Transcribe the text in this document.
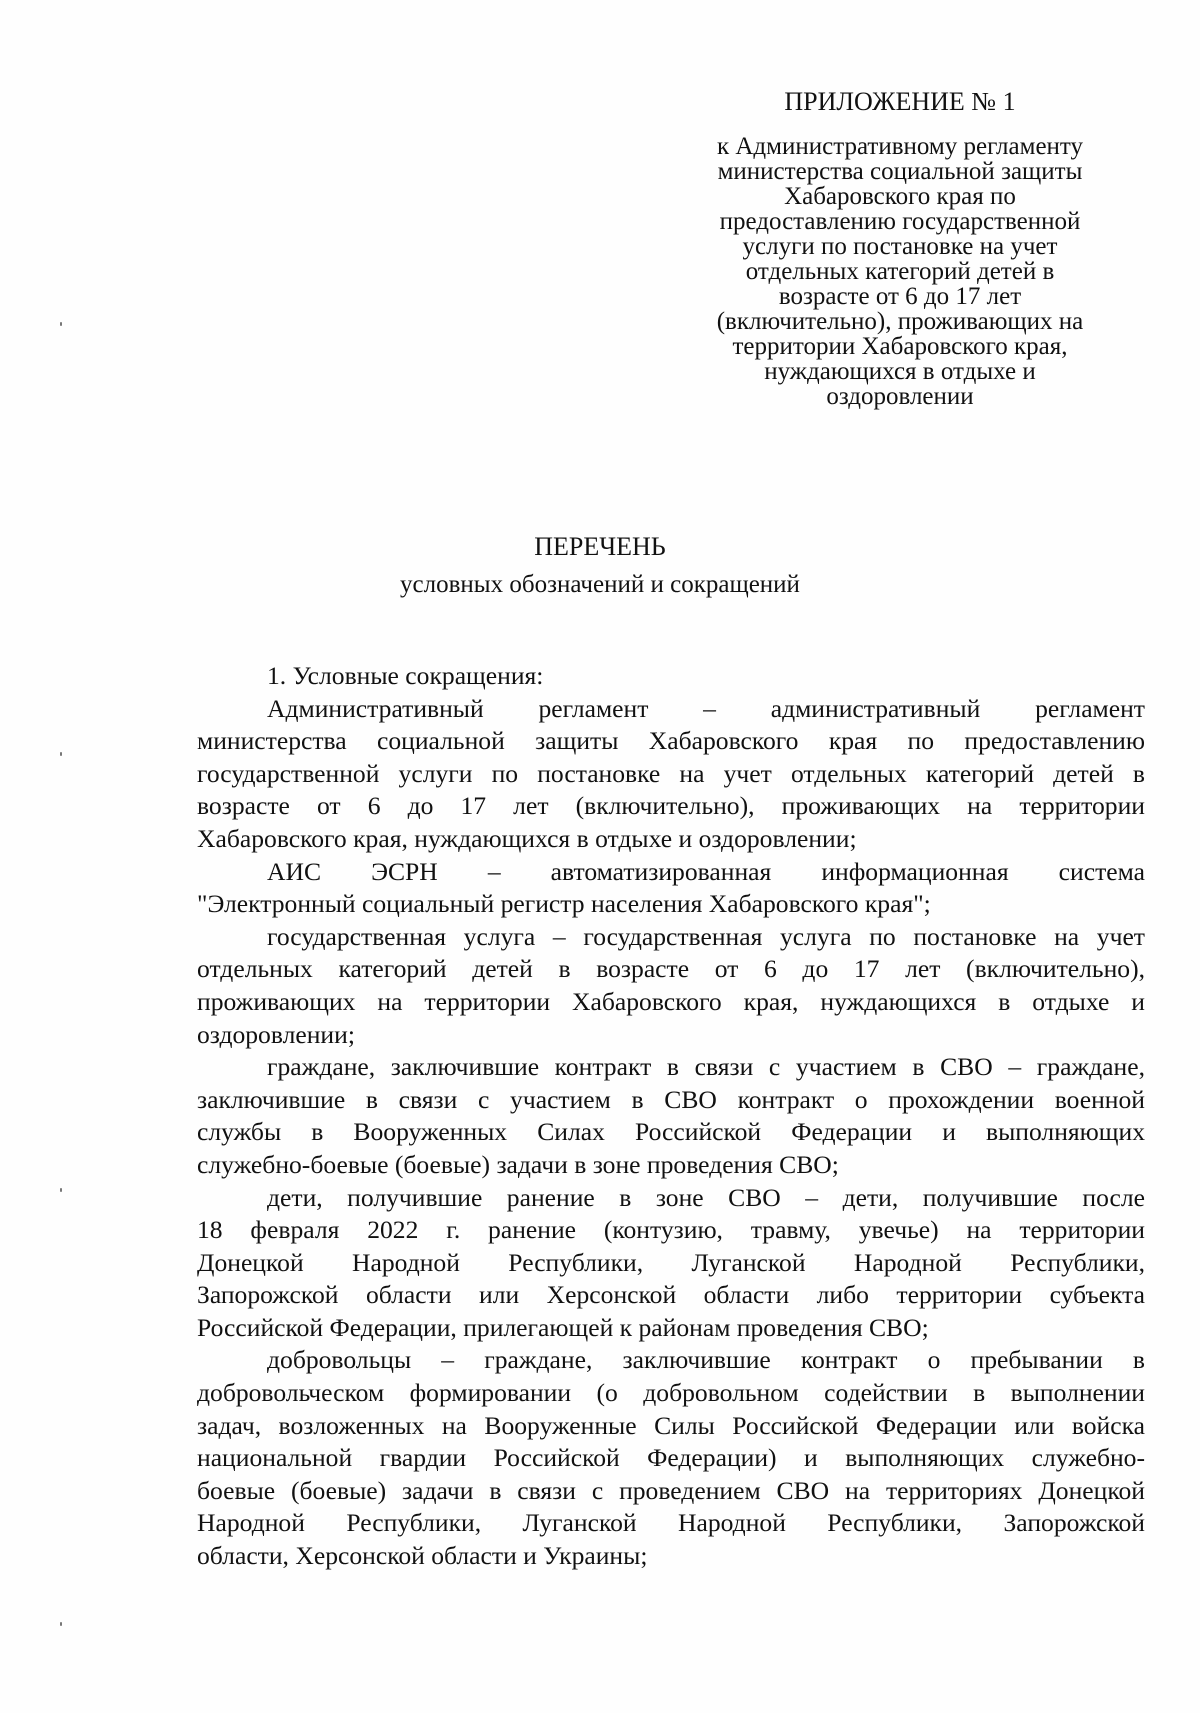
ПРИЛОЖЕНИЕ № 1
к Административному регламенту
министерства социальной защиты
Хабаровского края по
предоставлению государственной
услуги по постановке на учет
отдельных категорий детей в
возрасте от 6 до 17 лет
(включительно), проживающих на
территории Хабаровского края,
нуждающихся в отдыхе и
оздоровлении
ПЕРЕЧЕНЬ
условных обозначений и сокращений
1. Условные сокращения:
Административный регламент – административный регламент
министерства социальной защиты Хабаровского края по предоставлению
государственной услуги по постановке на учет отдельных категорий детей в
возрасте от 6 до 17 лет (включительно), проживающих на территории
Хабаровского края, нуждающихся в отдыхе и оздоровлении;
АИС ЭСРН – автоматизированная информационная система
"Электронный социальный регистр населения Хабаровского края";
государственная услуга – государственная услуга по постановке на учет
отдельных категорий детей в возрасте от 6 до 17 лет (включительно),
проживающих на территории Хабаровского края, нуждающихся в отдыхе и
оздоровлении;
граждане, заключившие контракт в связи с участием в СВО – граждане,
заключившие в связи с участием в СВО контракт о прохождении военной
службы в Вооруженных Силах Российской Федерации и выполняющих
служебно-боевые (боевые) задачи в зоне проведения СВО;
дети, получившие ранение в зоне СВО – дети, получившие после
18 февраля 2022 г. ранение (контузию, травму, увечье) на территории
Донецкой Народной Республики, Луганской Народной Республики,
Запорожской области или Херсонской области либо территории субъекта
Российской Федерации, прилегающей к районам проведения СВО;
добровольцы – граждане, заключившие контракт о пребывании в
добровольческом формировании (о добровольном содействии в выполнении
задач, возложенных на Вооруженные Силы Российской Федерации или войска
национальной гвардии Российской Федерации) и выполняющих служебно-
боевые (боевые) задачи в связи с проведением СВО на территориях Донецкой
Народной Республики, Луганской Народной Республики, Запорожской
области, Херсонской области и Украины;
